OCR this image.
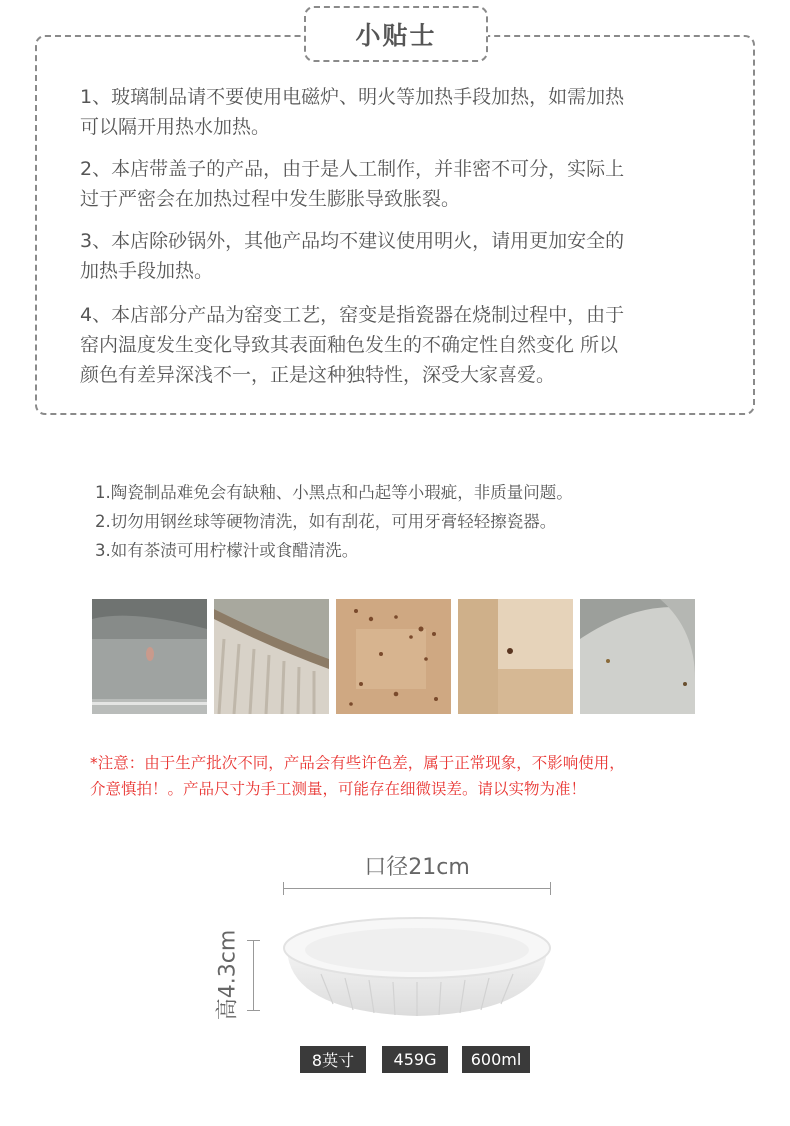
小贴士
1、玻璃制品请不要使用电磁炉、明火等加热手段加热，如需加热
可以隔开用热水加热。
2、本店带盖子的产品，由于是人工制作，并非密不可分，实际上
过于严密会在加热过程中发生膨胀导致胀裂。
3、本店除砂锅外，其他产品均不建议使用明火，请用更加安全的
加热手段加热。
4、本店部分产品为窑变工艺，窑变是指瓷器在烧制过程中，由于
窑内温度发生变化导致其表面釉色发生的不确定性自然变化 所以
颜色有差异深浅不一，正是这种独特性，深受大家喜爱。
1.陶瓷制品难免会有缺釉、小黑点和凸起等小瑕疵，非质量问题。
2.切勿用钢丝球等硬物清洗，如有刮花，可用牙膏轻轻擦瓷器。
3.如有茶渍可用柠檬汁或食醋清洗。
*注意：由于生产批次不同，产品会有些许色差，属于正常现象，不影响使用，
介意慎拍！。产品尺寸为手工测量，可能存在细微误差。请以实物为准！
口径21cm
高4.3cm
8英寸	459G	600ml
